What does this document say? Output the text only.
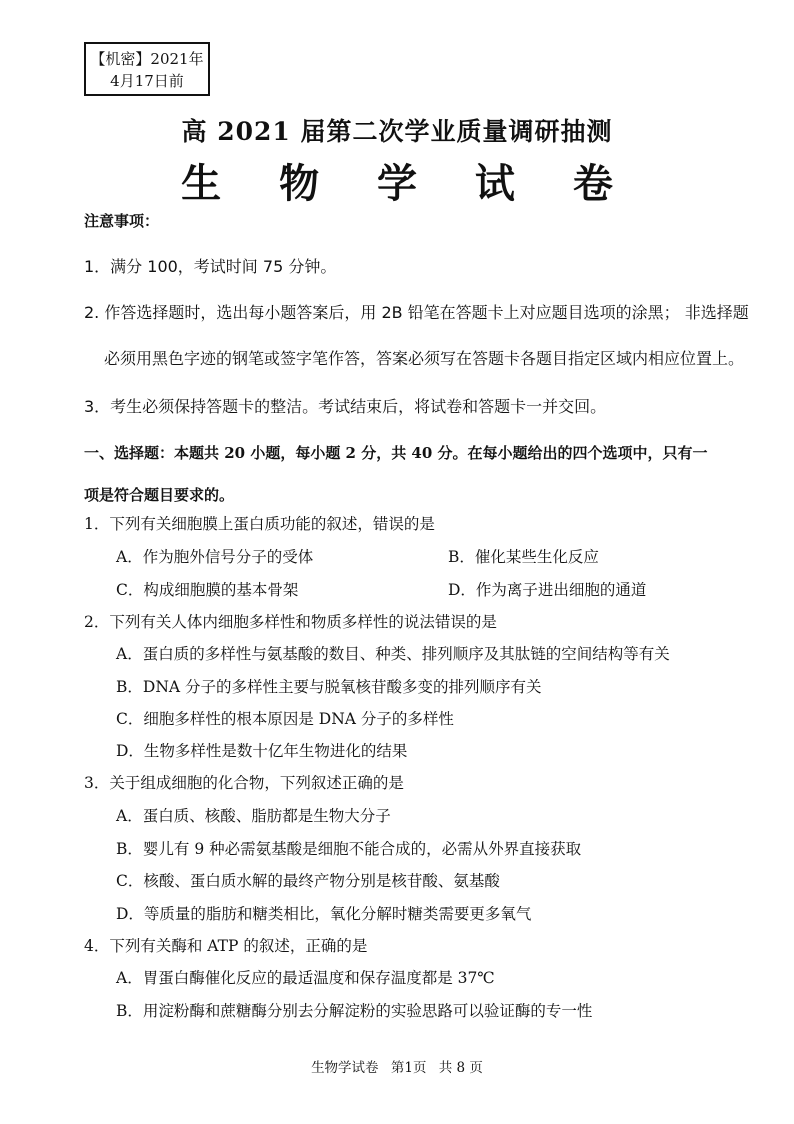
【机密】2021年
4月17日前
高 2021 届第二次学业质量调研抽测
生 物 学 试 卷
注意事项：
1．满分 100，考试时间 75 分钟。
2. 作答选择题时，选出每小题答案后，用 2B 铅笔在答题卡上对应题目选项的涂黑； 非选择题
必须用黑色字迹的钢笔或签字笔作答，答案必须写在答题卡各题目指定区域内相应位置上。
3．考生必须保持答题卡的整洁。考试结束后，将试卷和答题卡一并交回。
一、选择题：本题共 20 小题，每小题 2 分，共 40 分。在每小题给出的四个选项中，只有一
项是符合题目要求的。
1．下列有关细胞膜上蛋白质功能的叙述，错误的是
A．作为胞外信号分子的受体	B．催化某些生化反应
C．构成细胞膜的基本骨架	D．作为离子进出细胞的通道
2．下列有关人体内细胞多样性和物质多样性的说法错误的是
A．蛋白质的多样性与氨基酸的数目、种类、排列顺序及其肽链的空间结构等有关
B．DNA 分子的多样性主要与脱氧核苷酸多变的排列顺序有关
C．细胞多样性的根本原因是 DNA 分子的多样性
D．生物多样性是数十亿年生物进化的结果
3．关于组成细胞的化合物，下列叙述正确的是
A．蛋白质、核酸、脂肪都是生物大分子
B．婴儿有 9 种必需氨基酸是细胞不能合成的，必需从外界直接获取
C．核酸、蛋白质水解的最终产物分别是核苷酸、氨基酸
D．等质量的脂肪和糖类相比，氧化分解时糖类需要更多氧气
4．下列有关酶和 ATP 的叙述，正确的是
A．胃蛋白酶催化反应的最适温度和保存温度都是 37℃
B．用淀粉酶和蔗糖酶分别去分解淀粉的实验思路可以验证酶的专一性
生物学试卷 第1页 共 8 页
